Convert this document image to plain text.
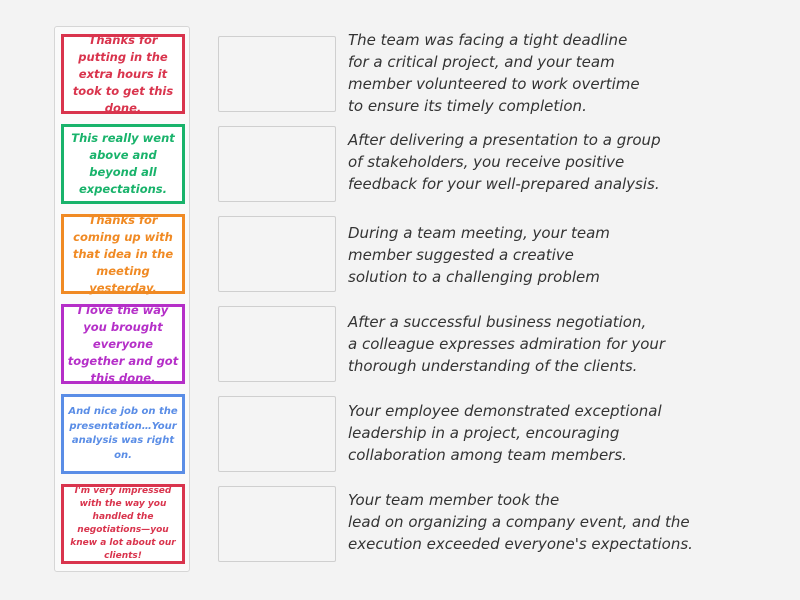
Thanks for putting in the extra hours it took to get this done.
This really went above and beyond all expectations.
Thanks for coming up with that idea in the meeting yesterday.
I love the way you brought everyone together and got this done.
And nice job on the presentation…Your analysis was right on.
I'm very impressed with the way you handled the negotiations—you knew a lot about our clients!
The team was facing a tight deadline
for a critical project, and your team
member volunteered to work overtime
to ensure its timely completion.
After delivering a presentation to a group
of stakeholders, you receive positive
feedback for your well-prepared analysis.
During a team meeting, your team
member suggested a creative
solution to a challenging problem
After a successful business negotiation,
a colleague expresses admiration for your
thorough understanding of the clients.
Your employee demonstrated exceptional
leadership in a project, encouraging
collaboration among team members.
Your team member took the
lead on organizing a company event, and the
execution exceeded everyone's expectations.
